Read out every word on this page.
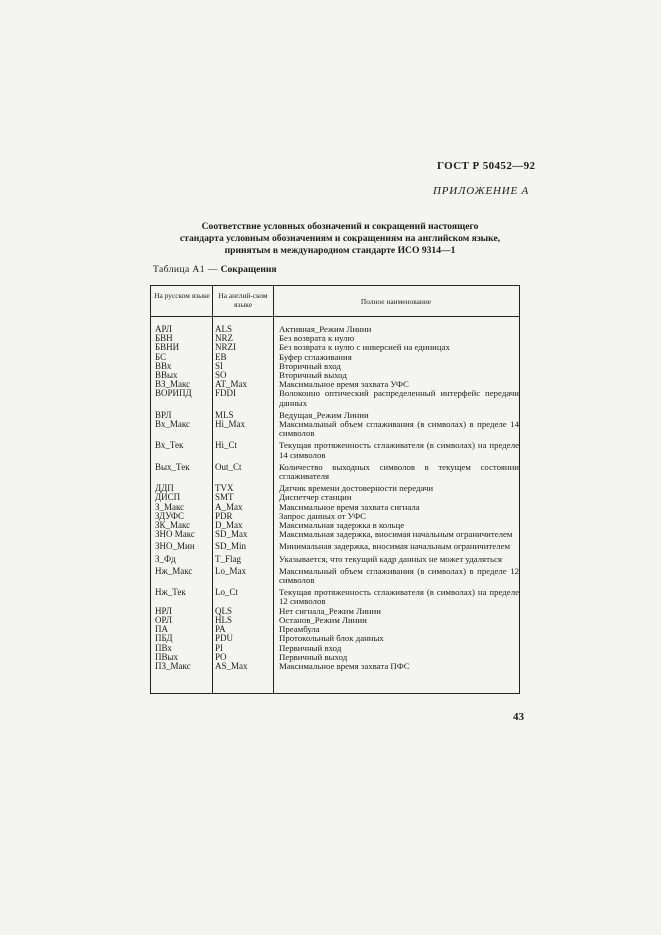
ГОСТ Р 50452—92
ПРИЛОЖЕНИЕ А
Соответствие условных обозначений и сокращений настоящего
стандарта условным обозначениям и сокращениям на английском языке,
принятым в международном стандарте ИСО 9314—1
Таблица А1 — Сокращения
На русском языке	На англий-ском языке	Полное наименование
АРЛ	ALS	Активная_Режим Линии
БВН	NRZ	Без возврата к нулю
БВНИ	NRZI	Без возврата к нулю с инверсией на единицах
БС	EB	Буфер сглаживания
ВВх	SI	Вторичный вход
ВВых	SO	Вторичный выход
ВЗ_Макс	AT_Max	Максимальное время захвата УФС
ВОРИПД	FDDI	Волоконно оптический распределенный интерфейс передачи данных
ВРЛ	MLS	Ведущая_Режим Линии
Вх_Макс	Hi_Max	Максимальный объем сглаживания (в символах) в пределе 14 символов
Вх_Тек	Hi_Ct	Текущая протяженность сглаживателя (в символах) на пределе 14 символов
Вых_Тек	Out_Ct	Количество выходных символов в текущем состоянии сглаживателя
ДДП	TVX	Датчик времени достоверности передачи
ДИСП	SMT	Диспетчер станции
З_Макс	A_Max	Максимальное время захвата сигнала
ЗДУФС	PDR	Запрос данных от УФС
ЗК_Макс	D_Max	Максимальная задержка в кольце
ЗНО Макс	SD_Max	Максимальная задержка, вносимая начальным ограничителем
ЗНО_Мин	SD_Min	Минимальная задержка, вносимая начальным ограничителем
З_Фд	T_Flag	Указывается, что текущий кадр данных не может удаляться
Нж_Макс	Lo_Max	Максимальный объем сглаживания (в символах) в пределе 12 символов
Нж_Тек	Lo_Ct	Текущая протяженность сглаживателя (в символах) на пределе 12 символов
НРЛ	QLS	Нет сигнала_Режим Линии
ОРЛ	HLS	Останов_Режим Линии
ПА	PA	Преамбула
ПБД	PDU	Протокольный блок данных
ПВх	PI	Первичный вход
ПВых	PO	Первичный выход
ПЗ_Макс	AS_Max	Максимальное время захвата ПФС
43
